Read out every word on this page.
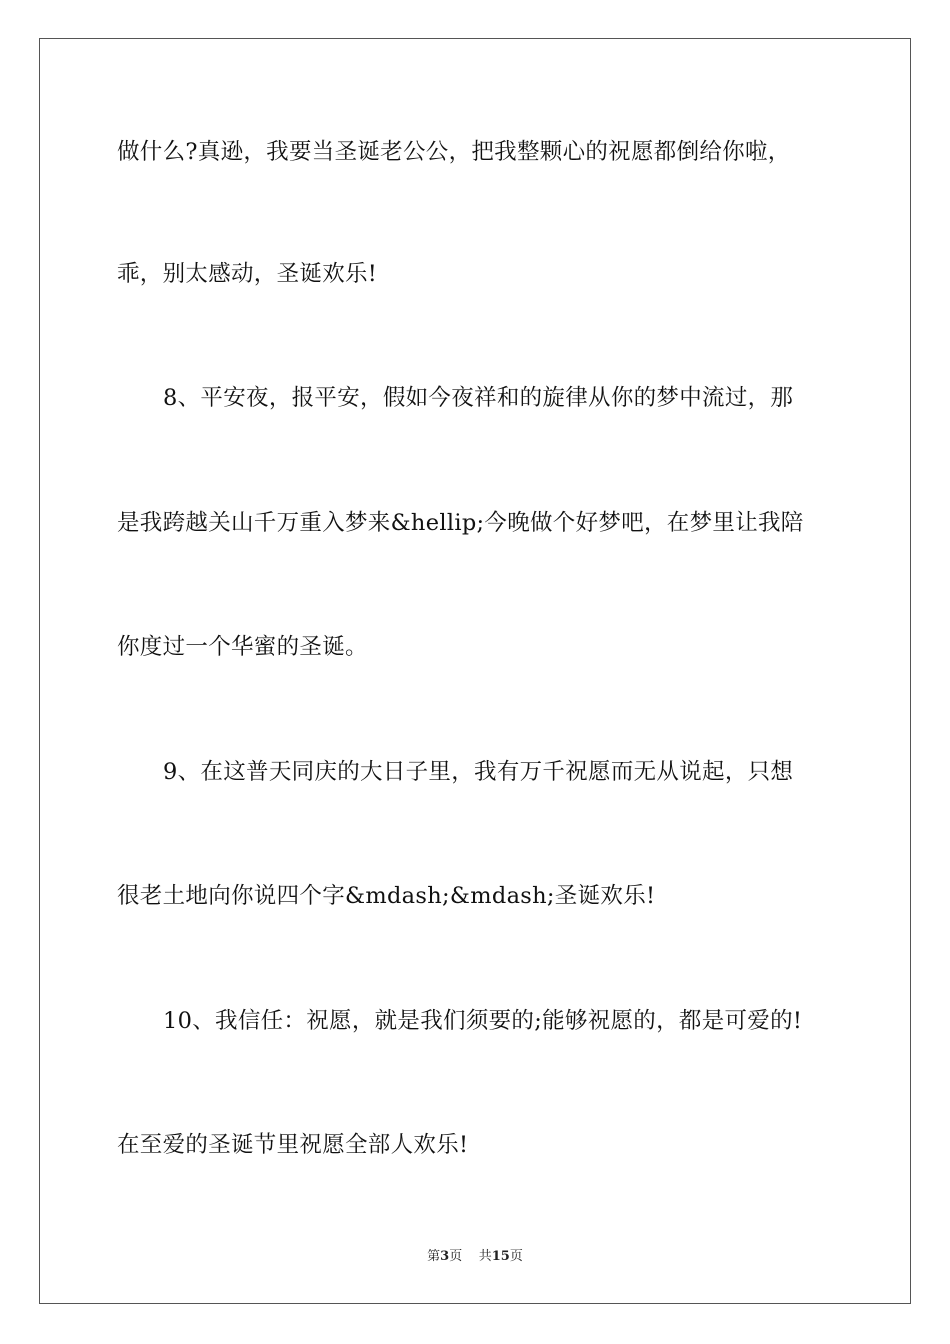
做什么?真逊，我要当圣诞老公公，把我整颗心的祝愿都倒给你啦，
乖，别太感动，圣诞欢乐!
8、平安夜，报平安，假如今夜祥和的旋律从你的梦中流过，那
是我跨越关山千万重入梦来&hellip;今晚做个好梦吧，在梦里让我陪
你度过一个华蜜的圣诞。
9、在这普天同庆的大日子里，我有万千祝愿而无从说起，只想
很老土地向你说四个字&mdash;&mdash;圣诞欢乐!
10、我信任：祝愿，就是我们须要的;能够祝愿的，都是可爱的!
在至爱的圣诞节里祝愿全部人欢乐!
第3页 共15页
